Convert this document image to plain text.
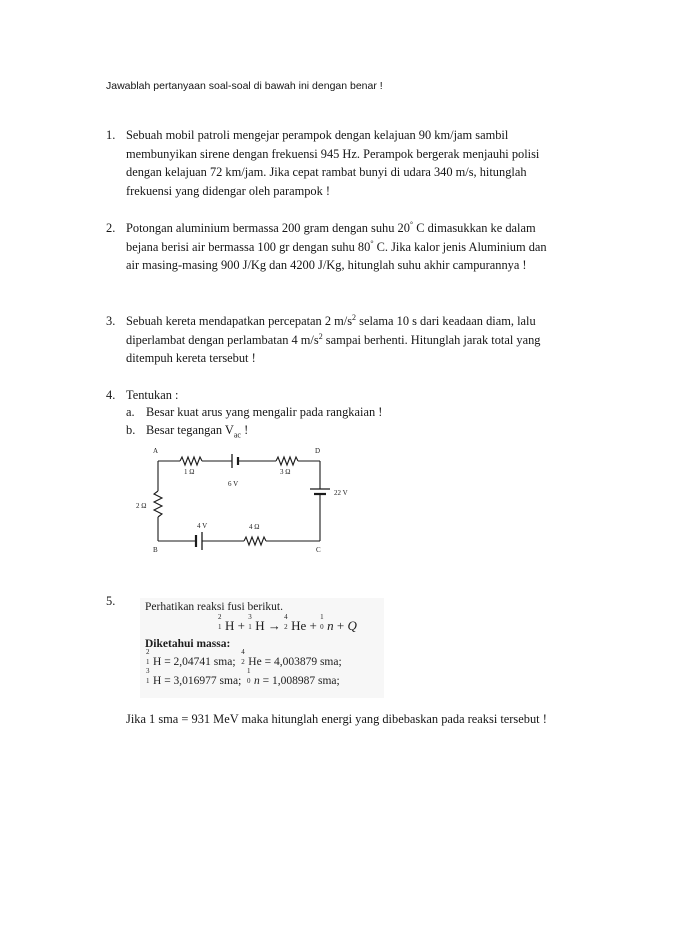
Jawablah pertanyaan soal-soal di bawah ini dengan benar !
1. Sebuah mobil patroli mengejar perampok dengan kelajuan 90 km/jam sambil
membunyikan sirene dengan frekuensi 945 Hz. Perampok bergerak menjauhi polisi
dengan kelajuan 72 km/jam. Jika cepat rambat bunyi di udara 340 m/s, hitunglah
frekuensi yang didengar oleh parampok !
2. Potongan aluminium bermassa 200 gram dengan suhu 20° C dimasukkan ke dalam
bejana berisi air bermassa 100 gr dengan suhu 80° C. Jika kalor jenis Aluminium dan
air masing-masing 900 J/Kg dan 4200 J/Kg, hitunglah suhu akhir campurannya !
3. Sebuah kereta mendapatkan percepatan 2 $m/s^2$ selama 10 s dari keadaan diam, lalu
diperlambat dengan perlambatan 4 $m/s^2$ sampai berhenti. Hitunglah jarak total yang
ditempuh kereta tersebut !
4. Tentukan :
a. Besar kuat arus yang mengalir pada rangkaian !
b. Besar tegangan $V_{ac}$ !
A	D
B	C
1 Ω	3 Ω
6 V
22 V
2 Ω
4 V	4 Ω
5.	Perhatikan reaksi fusi berikut.
2
1 H +
3
1 H →
4
2 He +
1
0 n + Q
Diketahui massa:
2
1 H = 2,04741 sma;
4
2 He = 4,003879 sma;
3
1 H = 3,016977 sma;
1
0 n = 1,008987 sma;
Jika 1 sma = 931 MeV maka hitunglah energi yang dibebaskan pada reaksi tersebut !
